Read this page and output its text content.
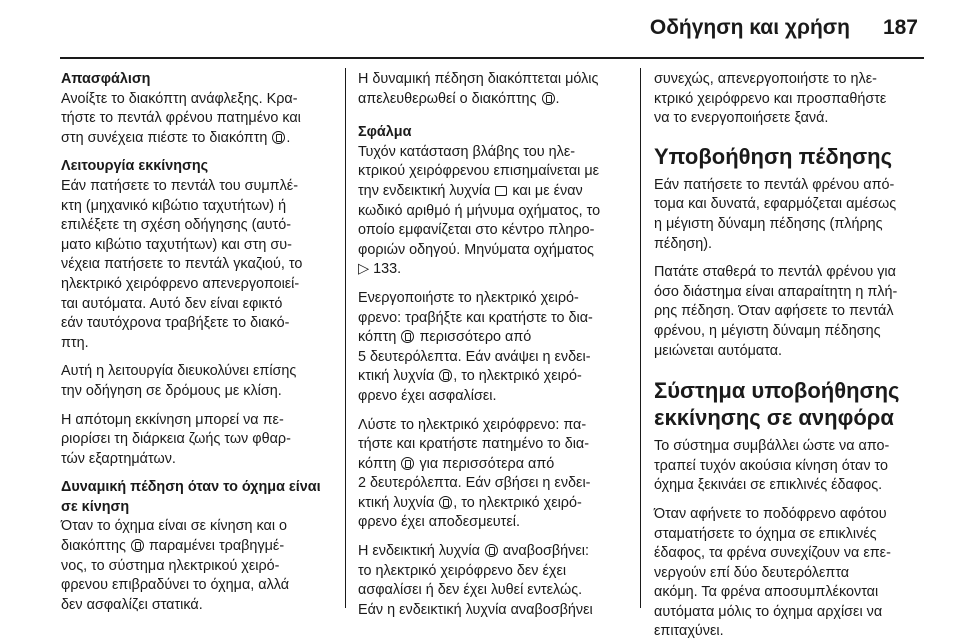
Οδήγηση και χρήση 187
Απασφάλιση
Ανοίξτε το διακόπτη ανάφλεξης. Κρα-
τήστε το πεντάλ φρένου πατημένο και
στη συνέχεια πιέστε το διακόπτη .
Λειτουργία εκκίνησης
Εάν πατήσετε το πεντάλ του συμπλέ-
κτη (μηχανικό κιβώτιο ταχυτήτων) ή
επιλέξετε τη σχέση οδήγησης (αυτό-
ματο κιβώτιο ταχυτήτων) και στη συ-
νέχεια πατήσετε το πεντάλ γκαζιού, το
ηλεκτρικό χειρόφρενο απενεργοποιεί-
ται αυτόματα. Αυτό δεν είναι εφικτό
εάν ταυτόχρονα τραβήξετε το διακό-
πτη.
Αυτή η λειτουργία διευκολύνει επίσης
την οδήγηση σε δρόμους με κλίση.
Η απότομη εκκίνηση μπορεί να πε-
ριορίσει τη διάρκεια ζωής των φθαρ-
τών εξαρτημάτων.
Δυναμική πέδηση όταν το όχημα είναι
σε κίνηση
Όταν το όχημα είναι σε κίνηση και ο
διακόπτης παραμένει τραβηγμέ-
νος, το σύστημα ηλεκτρικού χειρό-
φρενου επιβραδύνει το όχημα, αλλά
δεν ασφαλίζει στατικά.
Η δυναμική πέδηση διακόπτεται μόλις
απελευθερωθεί ο διακόπτης .
Σφάλμα
Τυχόν κατάσταση βλάβης του ηλε-
κτρικού χειρόφρενου επισημαίνεται με
την ενδεικτική λυχνία και με έναν
κωδικό αριθμό ή μήνυμα οχήματος, το
οποίο εμφανίζεται στο κέντρο πληρο-
φοριών οδηγού. Μηνύματα οχήματος
▷ 133.
Ενεργοποιήστε το ηλεκτρικό χειρό-
φρενο: τραβήξτε και κρατήστε το δια-
κόπτη περισσότερο από
5 δευτερόλεπτα. Εάν ανάψει η ενδει-
κτική λυχνία , το ηλεκτρικό χειρό-
φρενο έχει ασφαλίσει.
Λύστε το ηλεκτρικό χειρόφρενο: πα-
τήστε και κρατήστε πατημένο το δια-
κόπτη για περισσότερα από
2 δευτερόλεπτα. Εάν σβήσει η ενδει-
κτική λυχνία , το ηλεκτρικό χειρό-
φρενο έχει αποδεσμευτεί.
Η ενδεικτική λυχνία αναβοσβήνει:
το ηλεκτρικό χειρόφρενο δεν έχει
ασφαλίσει ή δεν έχει λυθεί εντελώς.
Εάν η ενδεικτική λυχνία αναβοσβήνει
συνεχώς, απενεργοποιήστε το ηλε-
κτρικό χειρόφρενο και προσπαθήστε
να το ενεργοποιήσετε ξανά.
Υποβοήθηση πέδησης
Εάν πατήσετε το πεντάλ φρένου από-
τομα και δυνατά, εφαρμόζεται αμέσως
η μέγιστη δύναμη πέδησης (πλήρης
πέδηση).
Πατάτε σταθερά το πεντάλ φρένου για
όσο διάστημα είναι απαραίτητη η πλή-
ρης πέδηση. Όταν αφήσετε το πεντάλ
φρένου, η μέγιστη δύναμη πέδησης
μειώνεται αυτόματα.
Σύστημα υποβοήθησης
εκκίνησης σε ανηφόρα
Το σύστημα συμβάλλει ώστε να απο-
τραπεί τυχόν ακούσια κίνηση όταν το
όχημα ξεκινάει σε επικλινές έδαφος.
Όταν αφήνετε το ποδόφρενο αφότου
σταματήσετε το όχημα σε επικλινές
έδαφος, τα φρένα συνεχίζουν να επε-
νεργούν επί δύο δευτερόλεπτα
ακόμη. Τα φρένα αποσυμπλέκονται
αυτόματα μόλις το όχημα αρχίσει να
επιταχύνει.
